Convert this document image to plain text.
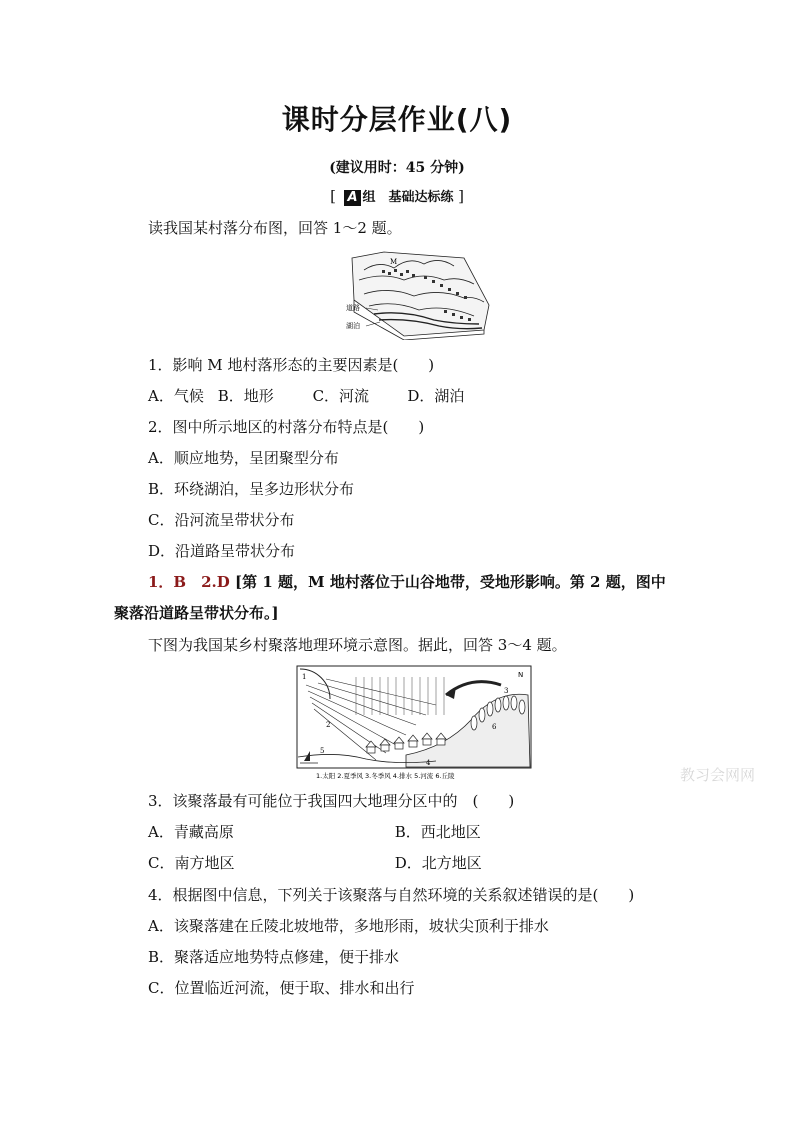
课时分层作业(八)
(建议用时：45 分钟)
[ A 组　基础达标练 ]
读我国某村落分布图，回答 1～2 题。
M
道路
湖泊
1．影响 M 地村落形态的主要因素是(　　)
A．气候 B．地形	C．河流	D．湖泊
2．图中所示地区的村落分布特点是(　　)
A．顺应地势，呈团聚型分布
B．环绕湖泊，呈多边形状分布
C．沿河流呈带状分布
D．沿道路呈带状分布
1．B　2.D [第 1 题，M 地村落位于山谷地带，受地形影响。第 2 题，图中
聚落沿道路呈带状分布。]
下图为我国某乡村聚落地理环境示意图。据此，回答 3～4 题。
N
1
2
3
4
5
6
1.太阳 2.夏季风 3.冬季风 4.排水 5.河流 6.丘陵	教习会网网
3．该聚落最有可能位于我国四大地理分区中的　(　　)
A．青藏高原	B．西北地区
C．南方地区	D．北方地区
4．根据图中信息，下列关于该聚落与自然环境的关系叙述错误的是(　　)
A．该聚落建在丘陵北坡地带，多地形雨，坡状尖顶利于排水
B．聚落适应地势特点修建，便于排水
C．位置临近河流，便于取、排水和出行
